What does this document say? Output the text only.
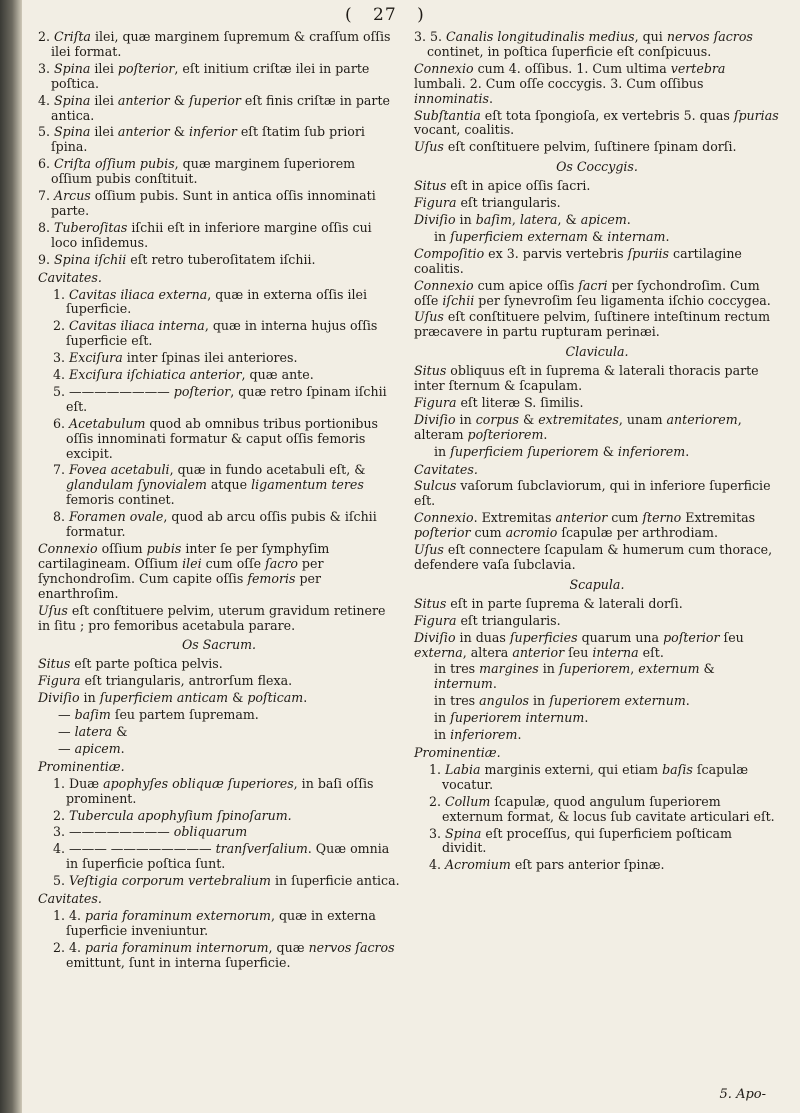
( 27 )

2. Criſta ilei, quæ marginem ſupremum & craſſum oſſis ilei format.

3. Spina ilei poſterior, eſt initium criſtæ ilei in parte poſtica.

4. Spina ilei anterior & ſuperior eſt finis criſtæ in parte antica.

5. Spina ilei anterior & inferior eſt ſtatim ſub priori ſpina.

6. Criſta oſſium pubis, quæ marginem ſuperiorem oſſium pubis conſtituit.

7. Arcus oſſium pubis. Sunt in antica oſſis innominati parte.

8. Tuberoſitas iſchii eſt in inferiore margine oſſis cui loco inſidemus.

9. Spina iſchii eſt retro tuberoſitatem iſchii.

Cavitates.

1. Cavitas iliaca externa, quæ in externa oſſis ilei ſuperficie.

2. Cavitas iliaca interna, quæ in interna hujus oſſis ſuperficie eſt.

3. Exciſura inter ſpinas ilei anteriores.

4. Exciſura iſchiatica anterior, quæ ante.

5. ———————— poſterior, quæ retro ſpinam iſchii eſt.

6. Acetabulum quod ab omnibus tribus portionibus oſſis innominati formatur & caput oſſis femoris excipit.

7. Fovea acetabuli, quæ in fundo acetabuli eſt, & glandulam ſynovialem atque ligamentum teres femoris continet.

8. Foramen ovale, quod ab arcu oſſis pubis & iſchii formatur.

Connexio oſſium pubis inter ſe per ſymphyſim cartilagineam. Oſſium ilei cum oſſe ſacro per ſynchondroſim. Cum capite oſſis femoris per enarthroſim.

Uſus eſt conſtituere pelvim, uterum gravidum retinere in ſitu ; pro femoribus acetabula parare.

Os Sacrum.

Situs eſt parte poſtica pelvis.

Figura eſt triangularis, antrorſum flexa.

Diviſio in ſuperficiem anticam & poſticam.

— baſim ſeu partem ſupremam.

— latera &

— apicem.

Prominentiæ.

1. Duæ apophyſes obliquæ ſuperiores, in baſi oſſis prominent.

2. Tubercula apophyſium ſpinoſarum.

3. ———————— obliquarum

4. ——— ———————— tranſverſalium. Quæ omnia in ſuperficie poſtica ſunt.

5. Veſtigia corporum vertebralium in ſuperficie antica.

Cavitates.

1. 4. paria foraminum externorum, quæ in externa ſuperficie inveniuntur.

2. 4. paria foraminum internorum, quæ nervos ſacros emittunt, ſunt in interna ſuperficie.

3. 5. Canalis longitudinalis medius, qui nervos ſacros continet, in poſtica ſuperficie eſt conſpicuus.

Connexio cum 4. oſſibus. 1. Cum ultima vertebra lumbali. 2. Cum oſſe coccygis. 3. Cum oſſibus innominatis.

Subſtantia eſt tota ſpongioſa, ex vertebris 5. quas ſpurias vocant, coalitis.

Uſus eſt conſtituere pelvim, ſuſtinere ſpinam dorſi.

Os Coccygis.

Situs eſt in apice oſſis ſacri.

Figura eſt triangularis.

Diviſio in baſim, latera, & apicem.

in ſuperficiem externam & internam.

Compoſitio ex 3. parvis vertebris ſpuriis cartilagine coalitis.

Connexio cum apice oſſis ſacri per ſychondroſim. Cum oſſe iſchii per ſynevroſim ſeu ligamenta iſchio coccygea.

Uſus eſt conſtituere pelvim, ſuſtinere inteſtinum rectum præcavere in partu rupturam perinæi.

Clavicula.

Situs obliquus eſt in ſuprema & laterali thoracis parte inter ſternum & ſcapulam.

Figura eſt literæ S. ſimilis.

Diviſio in corpus & extremitates, unam anteriorem, alteram poſteriorem.

in ſuperficiem ſuperiorem & inferiorem.

Cavitates.

Sulcus vaſorum ſubclaviorum, qui in inferiore ſuperficie eſt.

Connexio. Extremitas anterior cum ſterno Extremitas poſterior cum acromio ſcapulæ per arthrodiam.

Uſus eſt connectere ſcapulam & humerum cum thorace, defendere vaſa ſubclavia.

Scapula.

Situs eſt in parte ſuprema & laterali dorſi.

Figura eſt triangularis.

Diviſio in duas ſuperficies quarum una poſterior ſeu externa, altera anterior ſeu interna eſt.

in tres margines in ſuperiorem, externum & internum.

in tres angulos in ſuperiorem externum.

in ſuperiorem internum.

in inferiorem.

Prominentiæ.

1. Labia marginis externi, qui etiam baſis ſcapulæ vocatur.

2. Collum ſcapulæ, quod angulum ſuperiorem externum format, & locus ſub cavitate articulari eſt.

3. Spina eſt proceſſus, qui ſuperficiem poſticam dividit.

4. Acromium eſt pars anterior ſpinæ.

5. Apo-
